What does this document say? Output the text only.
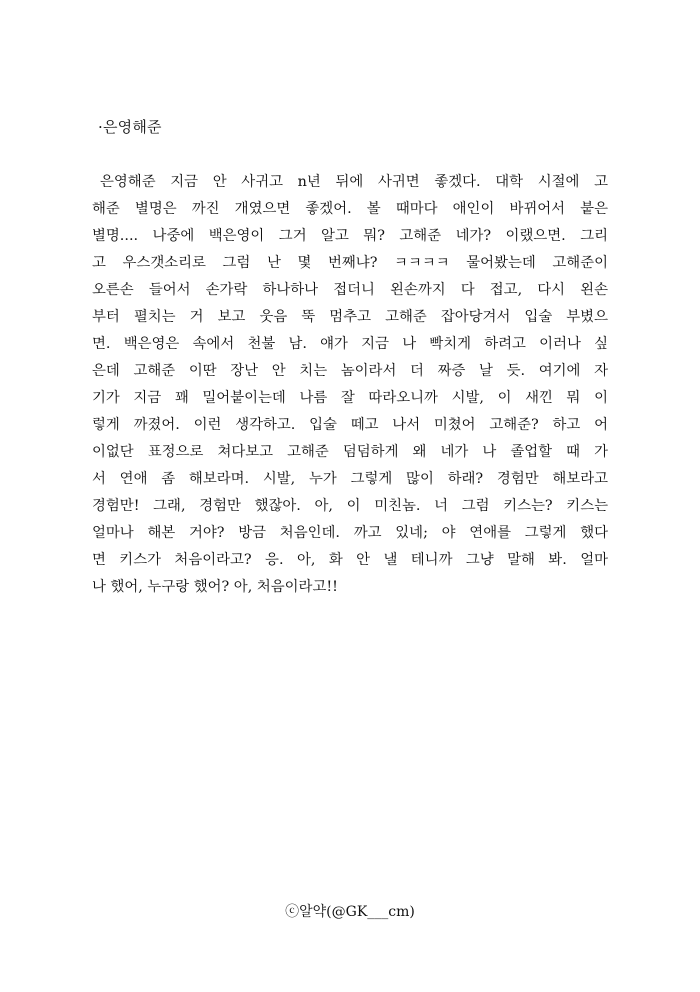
·은영해준
은영해준 지금 안 사귀고 n년 뒤에 사귀면 좋겠다. 대학 시절에 고
해준 별명은 까진 개였으면 좋겠어. 볼 때마다 애인이 바뀌어서 붙은
별명.... 나중에 백은영이 그거 알고 뭐? 고해준 네가? 이랬으면. 그리
고 우스갯소리로 그럼 난 몇 번째냐? ㅋㅋㅋㅋ 물어봤는데 고해준이
오른손 들어서 손가락 하나하나 접더니 왼손까지 다 접고, 다시 왼손
부터 펼치는 거 보고 웃음 뚝 멈추고 고해준 잡아당겨서 입술 부볐으
면. 백은영은 속에서 천불 남. 얘가 지금 나 빡치게 하려고 이러나 싶
은데 고해준 이딴 장난 안 치는 놈이라서 더 짜증 날 듯. 여기에 자
기가 지금 꽤 밀어붙이는데 나름 잘 따라오니까 시발, 이 새낀 뭐 이
렇게 까졌어. 이런 생각하고. 입술 떼고 나서 미쳤어 고해준? 하고 어
이없단 표정으로 쳐다보고 고해준 덤덤하게 왜 네가 나 졸업할 때 가
서 연애 좀 해보라며. 시발, 누가 그렇게 많이 하래? 경험만 해보라고
경험만! 그래, 경험만 했잖아. 아, 이 미친놈. 너 그럼 키스는? 키스는
얼마나 해본 거야? 방금 처음인데. 까고 있네; 야 연애를 그렇게 했다
면 키스가 처음이라고? 응. 아, 화 안 낼 테니까 그냥 말해 봐. 얼마
나 했어, 누구랑 했어? 아, 처음이라고!!
ⓒ알약(@GK___cm)
